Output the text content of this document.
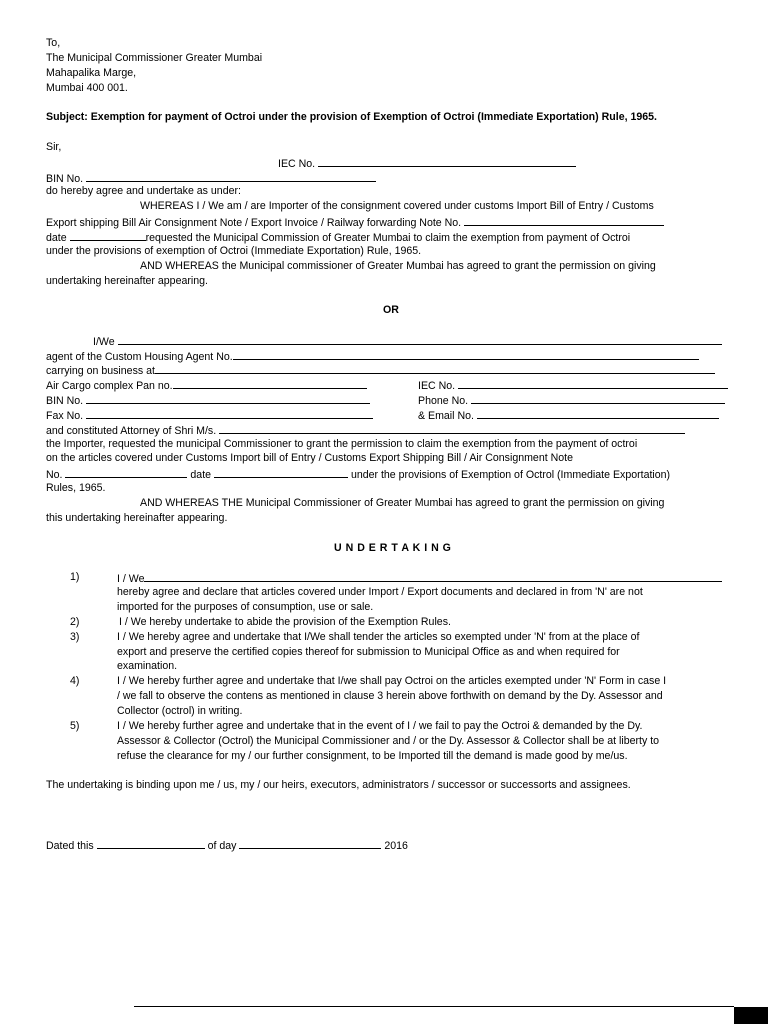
To,
The Municipal Commissioner Greater Mumbai
Mahapalika Marge,
Mumbai 400 001.
Subject: Exemption for payment of Octroi under the provision of Exemption of Octroi (Immediate Exportation) Rule, 1965.
Sir,
IEC No.
BIN No.
do hereby agree and undertake as under:
WHEREAS I / We am / are Importer of the consignment covered under customs Import Bill of Entry / Customs
Export shipping Bill Air Consignment Note / Export Invoice / Railway forwarding Note No.
date	requested the Municipal Commission of Greater Mumbai to claim the exemption from payment of Octroi
under the provisions of exemption of Octroi (Immediate Exportation) Rule, 1965.
AND WHEREAS the Municipal commissioner of Greater Mumbai has agreed to grant the permission on giving
undertaking hereinafter appearing.
OR
I/We
agent of the Custom Housing Agent No.
carrying on business at
Air Cargo complex Pan no.	IEC No.
BIN No.	Phone No.
Fax No.	& Email No.
and constituted Attorney of Shri M/s.
the Importer, requested the municipal Commissioner to grant the permission to claim the exemption from the payment of octroi
on the articles covered under Customs Import bill of Entry / Customs Export Shipping Bill / Air Consignment Note
No.	date	under the provisions of Exemption of Octrol (Immediate Exportation)
Rules, 1965.
AND WHEREAS THE Municipal Commissioner of Greater Mumbai has agreed to grant the permission on giving
this undertaking hereinafter appearing.
U N D E R T A K I N G
1)	I / We
hereby agree and declare that articles covered under Import / Export documents and declared in from 'N' are not
imported for the purposes of consumption, use or sale.
2)	I / We hereby undertake to abide the provision of the Exemption Rules.
3)	I / We hereby agree and undertake that I/We shall tender the articles so exempted under 'N' from at the place of
export and preserve the certified copies thereof for submission to Municipal Office as and when required for
examination.
4)	I / We hereby further agree and undertake that I/we shall pay Octroi on the articles exempted under 'N' Form in case I
/ we fall to observe the contens as mentioned in clause 3 herein above forthwith on demand by the Dy. Assessor and
Collector (octrol) in writing.
5)	I / We hereby further agree and undertake that in the event of I / we fail to pay the Octroi & demanded by the Dy.
Assessor & Collector (Octrol) the Municipal Commissioner and / or the Dy. Assessor & Collector shall be at liberty to
refuse the clearance for my / our further consignment, to be Imported till the demand is made good by me/us.
The undertaking is binding upon me / us, my / our heirs, executors, administrators / successor or successorts and assignees.
Dated this	of day	2016
